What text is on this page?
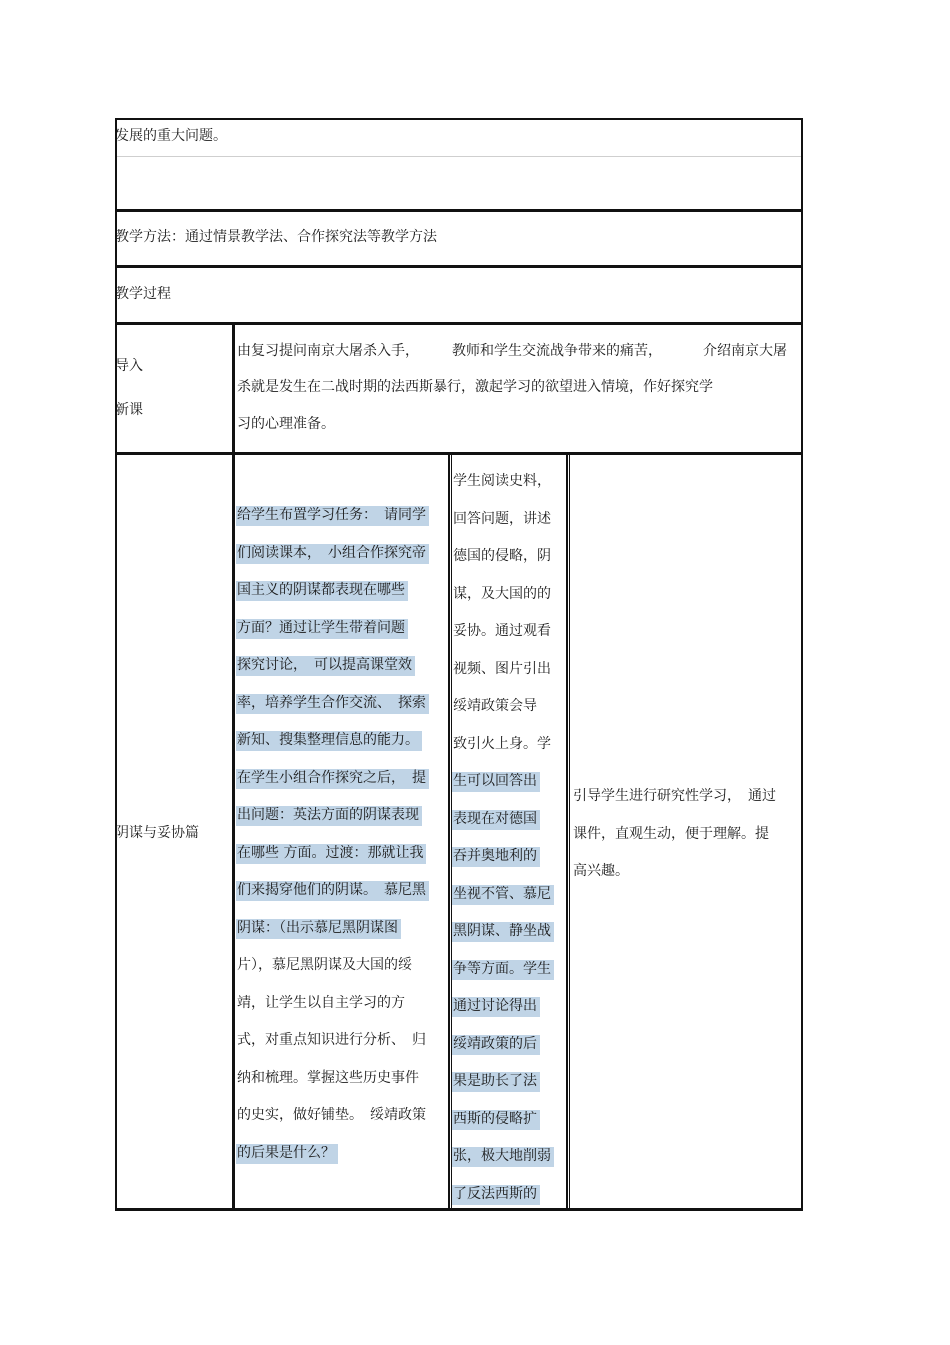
发展的重大问题。
教学方法：通过情景教学法、合作探究法等教学方法
教学过程
导入
新课
由复习提问南京大屠杀入手， 教师和学生交流战争带来的痛苦，	介绍南京大屠
杀就是发生在二战时期的法西斯暴行，激起学习的欲望进入情境，作好探究学
习的心理准备。
阴谋与妥协篇
给学生布置学习任务：　请同学
们阅读课本，　小组合作探究帝
国主义的阴谋都表现在哪些
方面？通过让学生带着问题
探究讨论，　可以提高课堂效
率，培养学生合作交流、　探索
新知、搜集整理信息的能力。
在学生小组合作探究之后，　提
出问题：英法方面的阴谋表现
在哪些 方面。过渡：那就让我
们来揭穿他们的阴谋。　慕尼黑
阴谋：（出示慕尼黑阴谋图
片），慕尼黑阴谋及大国的绥
靖，让学生以自主学习的方
式，对重点知识进行分析、　归
纳和梳理。掌握这些历史事件
的史实，做好铺垫。　绥靖政策
的后果是什么？
学生阅读史料，
回答问题，讲述
德国的侵略，阴
谋，及大国的的
妥协。通过观看
视频、图片引出
绥靖政策会导
致引火上身。学
生可以回答出
表现在对德国
吞并奥地利的
坐视不管、慕尼
黑阴谋、静坐战
争等方面。学生
通过讨论得出
绥靖政策的后
果是助长了法
西斯的侵略扩
张，极大地削弱
了反法西斯的
引导学生进行研究性学习，　通过
课件，直观生动，便于理解。提
高兴趣。
